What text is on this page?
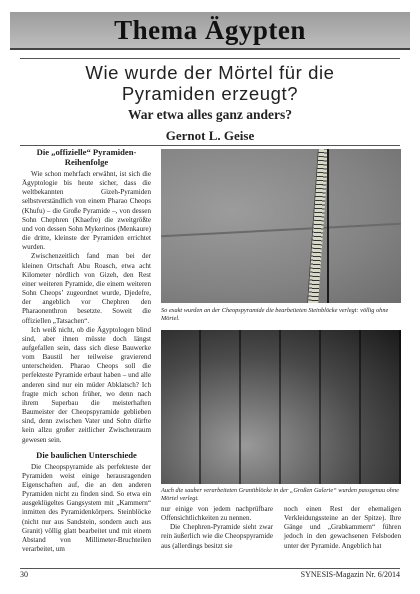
Thema Ägypten
Wie wurde der Mörtel für die
Pyramiden erzeugt?
War etwa alles ganz anders?
Gernot L. Geise
Die „offizielle“ Pyramiden-
Reihenfolge

Wie schon mehrfach erwähnt, ist sich die Ägyptologie bis heute sicher, dass die weltbekannten Gizeh-Pyramiden selbstverständlich von einem Pharao Cheops (Khufu) – die Große Pyramide –, von dessen Sohn Chephren (Khaefre) die zweitgrößte und von dessen Sohn Mykerinos (Menkaure) die dritte, kleinste der Pyramiden errichtet wurden.

Zwischenzeitlich fand man bei der kleinen Ortschaft Abu Roasch, etwa acht Kilometer nördlich von Gizeh, den Rest einer weiteren Pyramide, die einem weiteren Sohn Cheops’ zugeordnet wurde, Djedefre, der angeblich vor Chephren den Pharaonenthron besetzte. Soweit die offiziellen „Tatsachen“.

Ich weiß nicht, ob die Ägyptologen blind sind, aber ihnen müsste doch längst aufgefallen sein, dass sich diese Bauwerke vom Baustil her teilweise gravierend unterscheiden. Pharao Cheops soll die perfekteste Pyramide erbaut haben – und alle anderen sind nur ein müder Abklatsch? Ich fragte mich schon früher, wo denn nach ihrem Superbau die meisterhaften Baumeister der Cheopspyramide geblieben sind, denn zwischen Vater und Sohn dürfte kein allzu großer zeitlicher Zwischenraum gewesen sein.

Die baulichen Unterschiede

Die Cheopspyramide als perfekteste der Pyramiden weist einige herausragenden Eigenschaften auf, die an den anderen Pyramiden nicht zu finden sind. So etwa ein ausgeklügeltes Gangsystem mit „Kammern“ inmitten des Pyramidenkörpers. Steinblöcke (nicht nur aus Sandstein, sondern auch aus Granit) völlig glatt bearbeitet und mit einem Abstand von Millimeter-Bruchteilen verarbeitet, um

So exakt wurden an der Cheopspyramide die bearbeiteten Steinblöcke verlegt: völlig ohne Mörtel.
Auch die sauber verarbeiteten Granitblöcke in der „Großen Galerie“ wurden passgenau ohne Mörtel verlegt.

nur einige von jedem nachprüfbare Offensichtlichkeiten zu nennen.

Die Chephren-Pyramide sieht zwar rein äußerlich wie die Cheopspyramide aus (allerdings besitzt sie

noch einen Rest der ehemaligen Verkleidungssteine an der Spitze). Ihre Gänge und „Grabkammern“ führen jedoch in den gewachsenen Felsboden unter der Pyramide. Angeblich hat

30	SYNESIS-Magazin Nr. 6/2014
